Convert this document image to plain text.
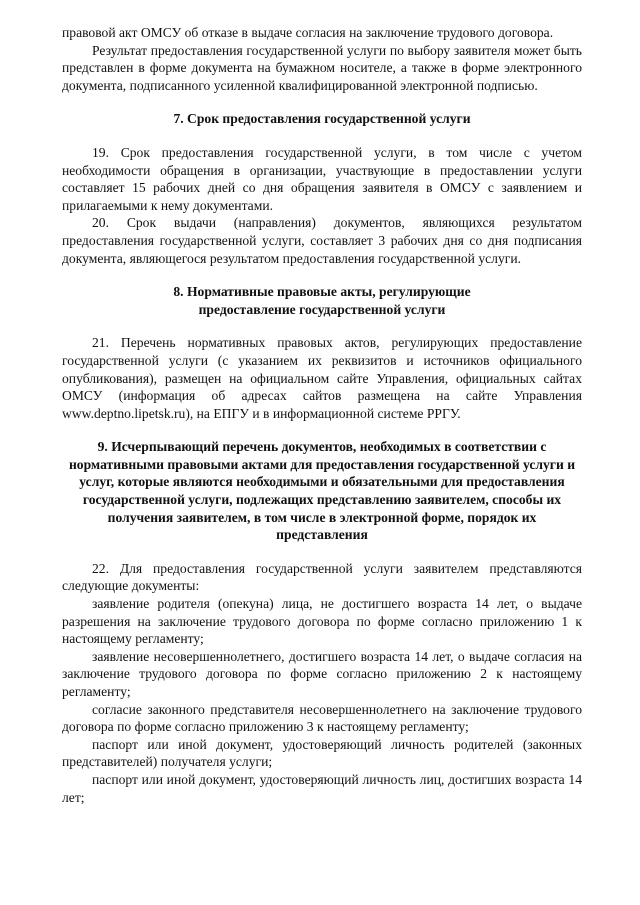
правовой акт ОМСУ об отказе в выдаче согласия на заключение трудового договора.

Результат предоставления государственной услуги по выбору заявителя может быть представлен в форме документа на бумажном носителе, а также в форме электронного документа, подписанного усиленной квалифицированной электронной подписью.

7. Срок предоставления государственной услуги

19. Срок предоставления государственной услуги, в том числе с учетом необходимости обращения в организации, участвующие в предоставлении услуги составляет 15 рабочих дней со дня обращения заявителя в ОМСУ с заявлением и прилагаемыми к нему документами.

20. Срок выдачи (направления) документов, являющихся результатом предоставления государственной услуги, составляет 3 рабочих дня со дня подписания документа, являющегося результатом предоставления государственной услуги.

8. Нормативные правовые акты, регулирующие

предоставление государственной услуги

21. Перечень нормативных правовых актов, регулирующих предоставление государственной услуги (с указанием их реквизитов и источников официального опубликования), размещен на официальном сайте Управления, официальных сайтах ОМСУ (информация об адресах сайтов размещена на сайте Управления www.deptno.lipetsk.ru), на ЕПГУ и в информационной системе РРГУ.

9. Исчерпывающий перечень документов, необходимых в соответствии с нормативными правовыми актами для предоставления государственной услуги и услуг, которые являются необходимыми и обязательными для предоставления государственной услуги, подлежащих представлению заявителем, способы их получения заявителем, в том числе в электронной форме, порядок их представления

22. Для предоставления государственной услуги заявителем представляются следующие документы:

заявление родителя (опекуна) лица, не достигшего возраста 14 лет, о выдаче разрешения на заключение трудового договора по форме согласно приложению 1 к настоящему регламенту;

заявление несовершеннолетнего, достигшего возраста 14 лет, о выдаче согласия на заключение трудового договора по форме согласно приложению 2 к настоящему регламенту;

согласие законного представителя несовершеннолетнего на заключение трудового договора по форме согласно приложению 3 к настоящему регламенту;

паспорт или иной документ, удостоверяющий личность родителей (законных представителей) получателя услуги;

паспорт или иной документ, удостоверяющий личность лиц, достигших возраста 14 лет;
